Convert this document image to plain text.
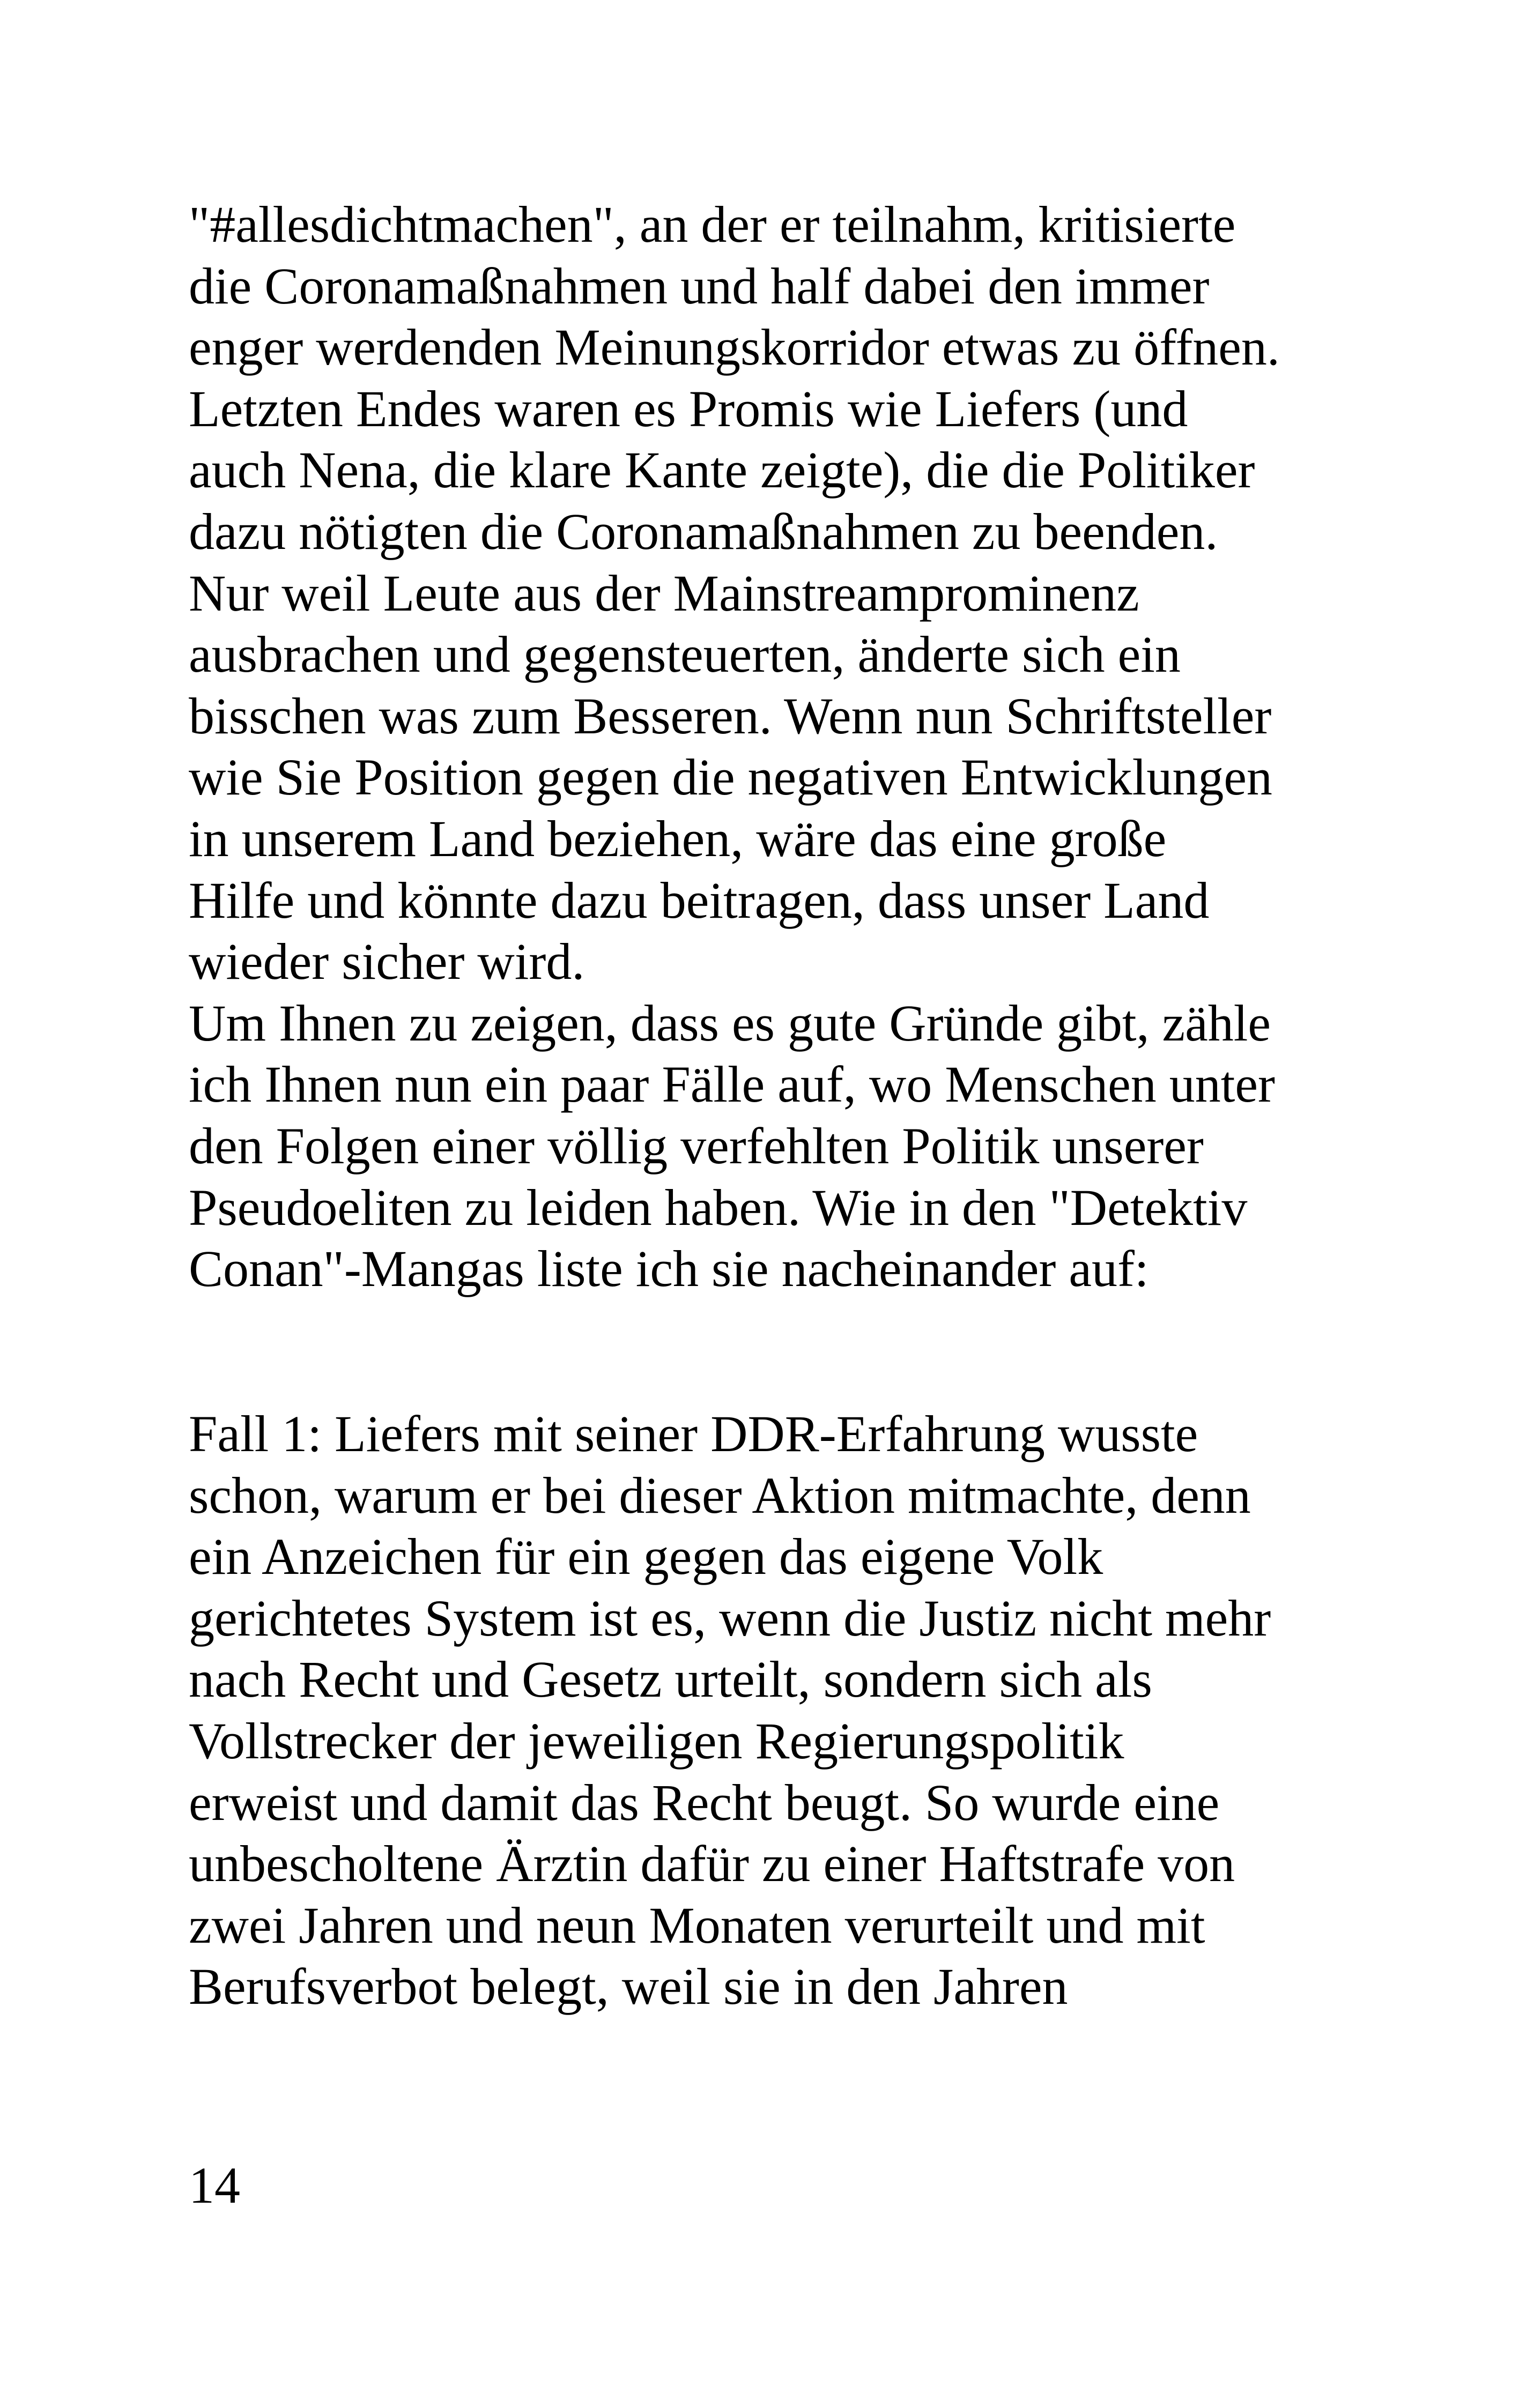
"#allesdichtmachen", an der er teilnahm, kritisierte
die Coronamaßnahmen und half dabei den immer
enger werdenden Meinungskorridor etwas zu öffnen.
Letzten Endes waren es Promis wie Liefers (und
auch Nena, die klare Kante zeigte), die die Politiker
dazu nötigten die Coronamaßnahmen zu beenden.
Nur weil Leute aus der Mainstreamprominenz
ausbrachen und gegensteuerten, änderte sich ein
bisschen was zum Besseren. Wenn nun Schriftsteller
wie Sie Position gegen die negativen Entwicklungen
in unserem Land beziehen, wäre das eine große
Hilfe und könnte dazu beitragen, dass unser Land
wieder sicher wird.
Um Ihnen zu zeigen, dass es gute Gründe gibt, zähle
ich Ihnen nun ein paar Fälle auf, wo Menschen unter
den Folgen einer völlig verfehlten Politik unserer
Pseudoeliten zu leiden haben. Wie in den "Detektiv
Conan"-Mangas liste ich sie nacheinander auf:
Fall 1: Liefers mit seiner DDR-Erfahrung wusste
schon, warum er bei dieser Aktion mitmachte, denn
ein Anzeichen für ein gegen das eigene Volk
gerichtetes System ist es, wenn die Justiz nicht mehr
nach Recht und Gesetz urteilt, sondern sich als
Vollstrecker der jeweiligen Regierungspolitik
erweist und damit das Recht beugt. So wurde eine
unbescholtene Ärztin dafür zu einer Haftstrafe von
zwei Jahren und neun Monaten verurteilt und mit
Berufsverbot belegt, weil sie in den Jahren
14
